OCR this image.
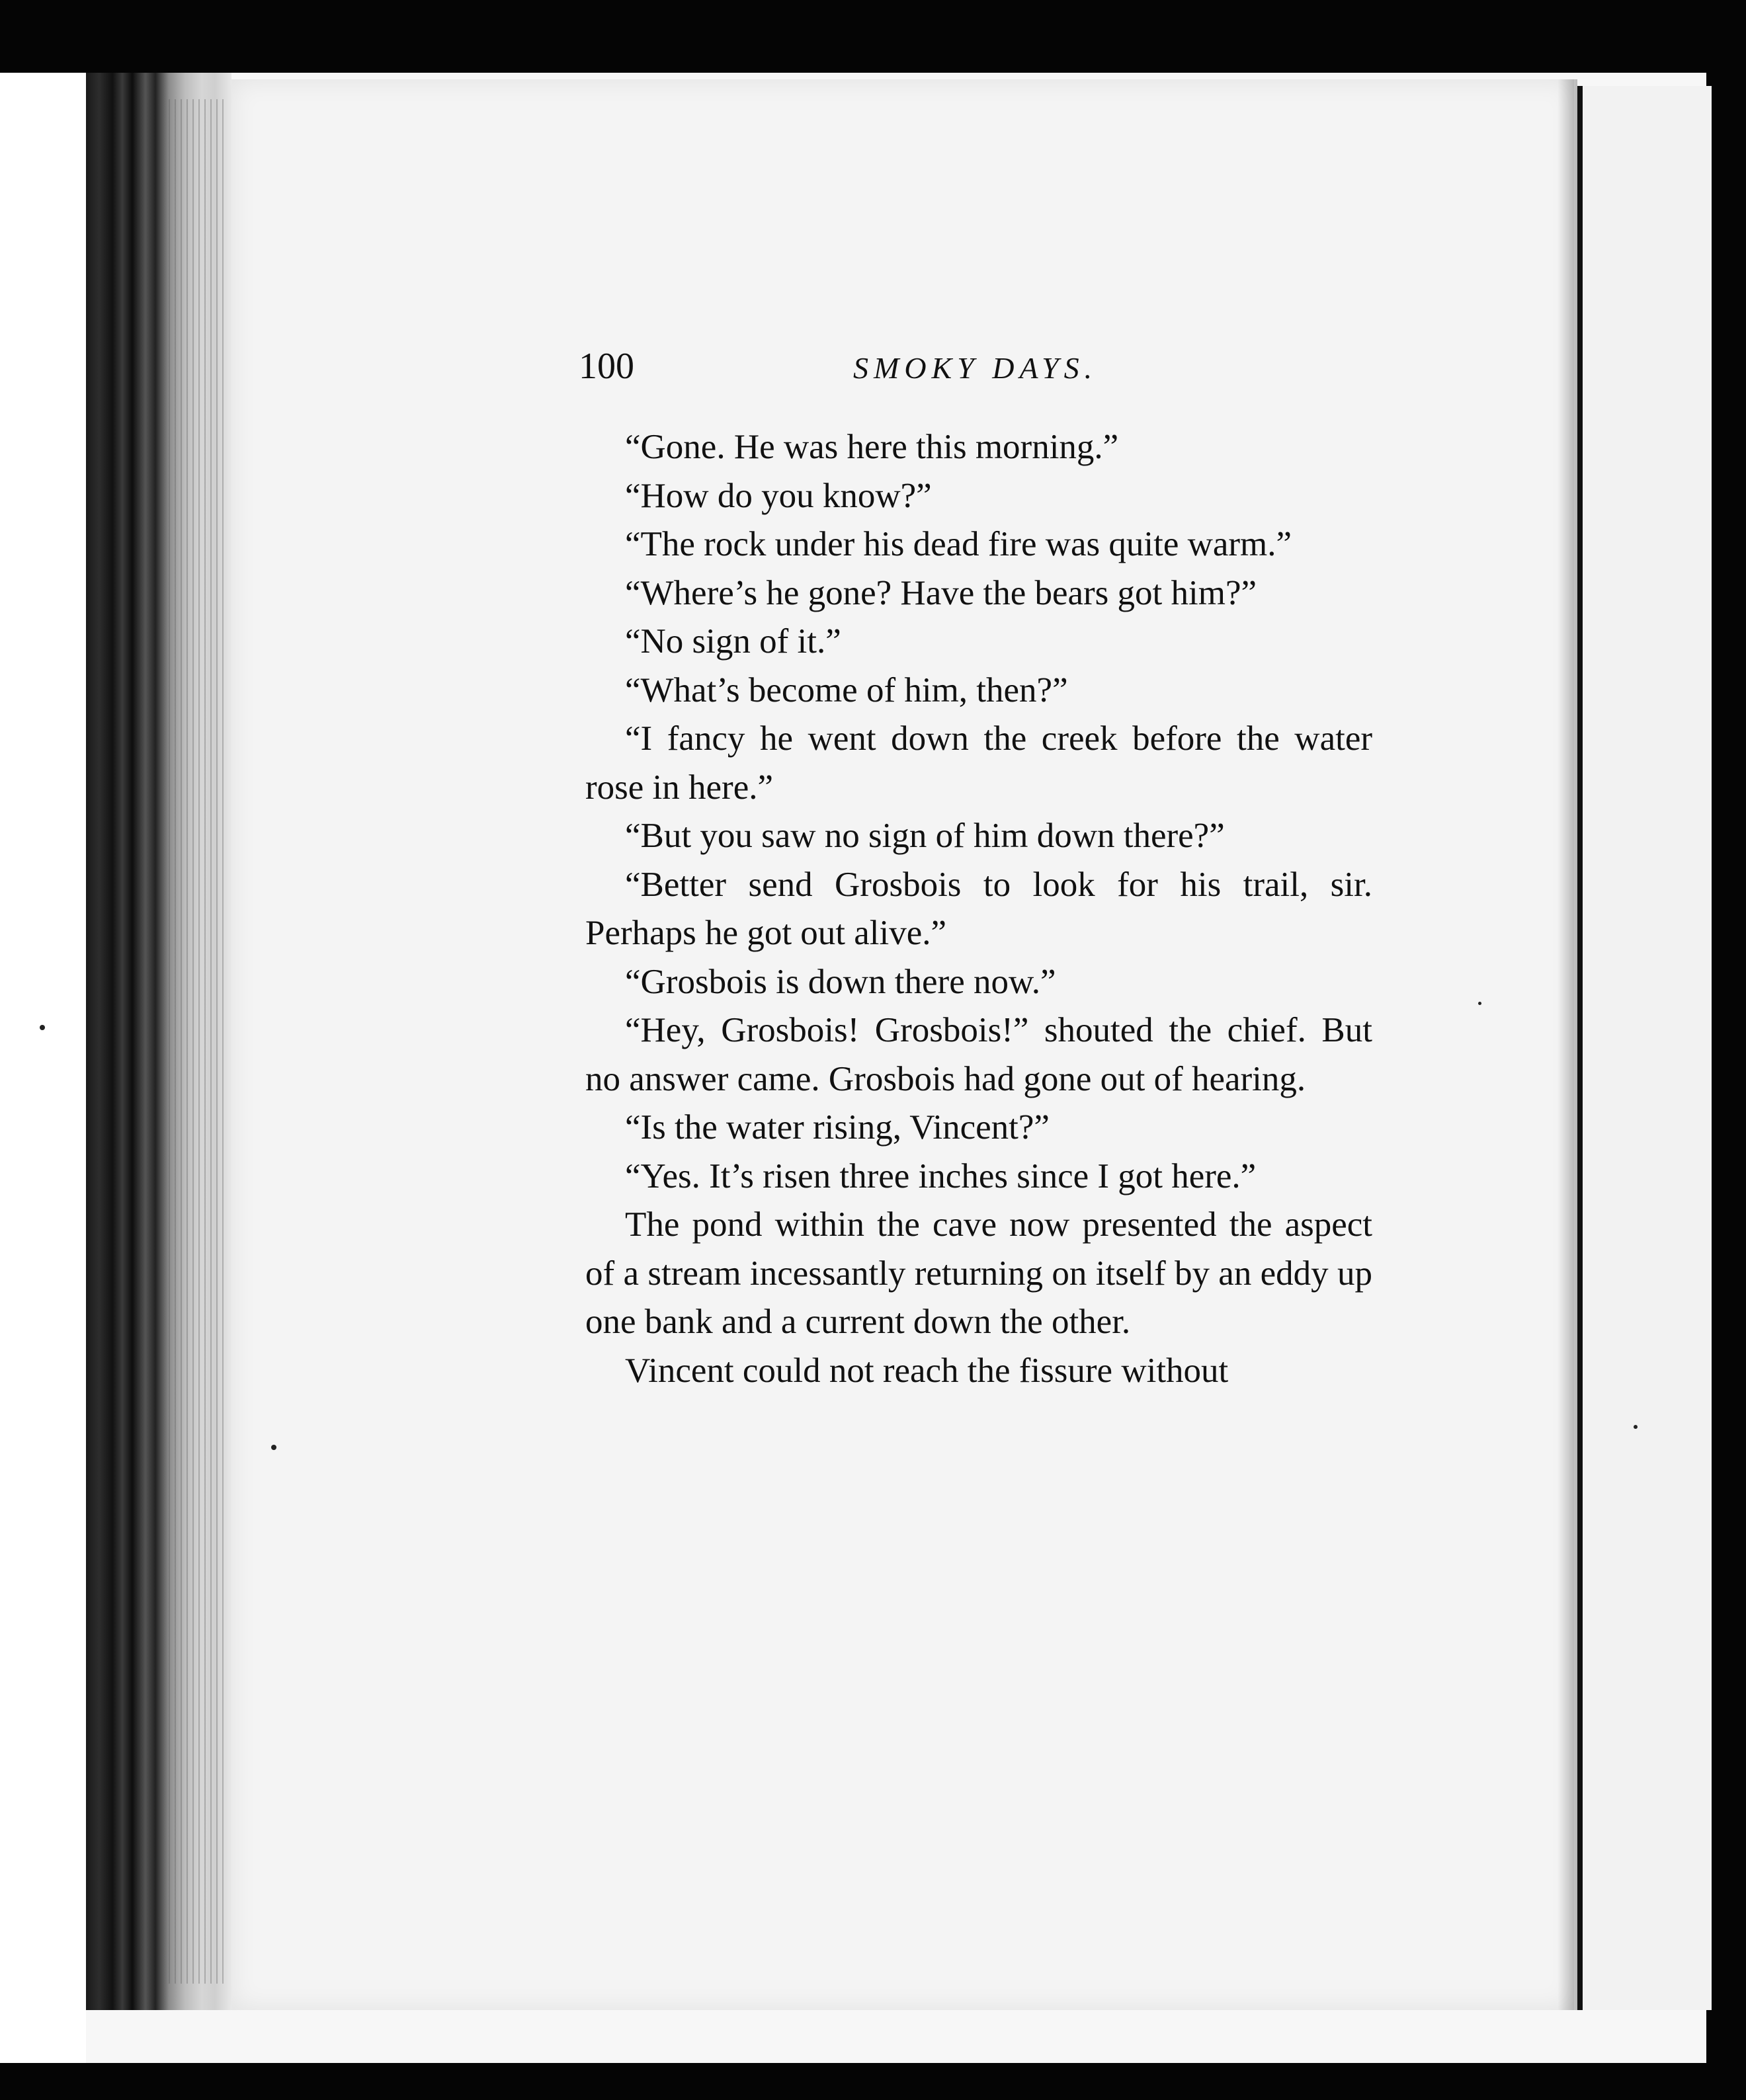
100	SMOKY DAYS.

“Gone. He was here this morning.”

“How do you know?”

“The rock under his dead fire was quite warm.”

“Where’s he gone? Have the bears got him?”

“No sign of it.”

“What’s become of him, then?”

“I fancy he went down the creek before the water rose in here.”

“But you saw no sign of him down there?”

“Better send Grosbois to look for his trail, sir. Perhaps he got out alive.”

“Grosbois is down there now.”

“Hey, Grosbois! Grosbois!” shouted the chief. But no answer came. Grosbois had gone out of hearing.

“Is the water rising, Vincent?”

“Yes. It’s risen three inches since I got here.”

The pond within the cave now presented the aspect of a stream incessantly returning on itself by an eddy up one bank and a current down the other.

Vincent could not reach the fissure without
